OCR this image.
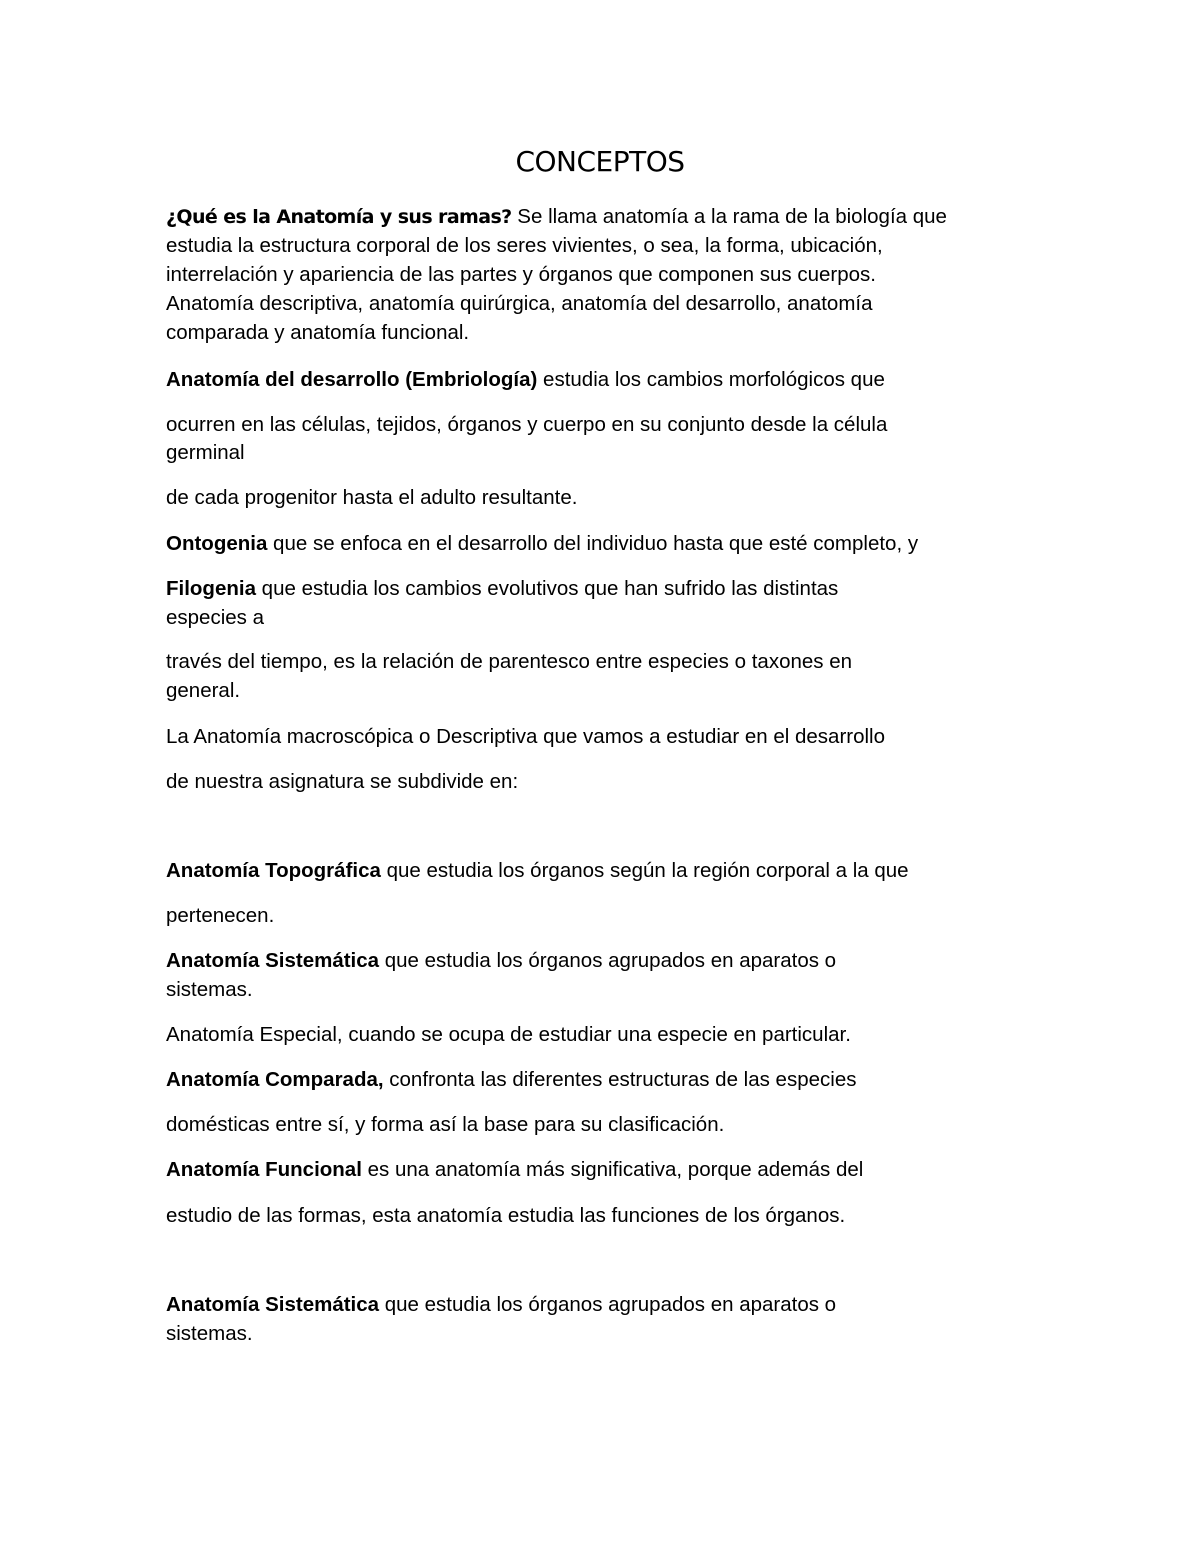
CONCEPTOS
¿Qué es la Anatomía y sus ramas? Se llama anatomía a la rama de la biología que
estudia la estructura corporal de los seres vivientes, o sea, la forma, ubicación,
interrelación y apariencia de las partes y órganos que componen sus cuerpos.
Anatomía descriptiva, anatomía quirúrgica, anatomía del desarrollo, anatomía
comparada y anatomía funcional.
Anatomía del desarrollo (Embriología) estudia los cambios morfológicos que
ocurren en las células, tejidos, órganos y cuerpo en su conjunto desde la célula
germinal
de cada progenitor hasta el adulto resultante.
Ontogenia que se enfoca en el desarrollo del individuo hasta que esté completo, y
Filogenia que estudia los cambios evolutivos que han sufrido las distintas
especies a
través del tiempo, es la relación de parentesco entre especies o taxones en
general.
La Anatomía macroscópica o Descriptiva que vamos a estudiar en el desarrollo
de nuestra asignatura se subdivide en:
Anatomía Topográfica que estudia los órganos según la región corporal a la que
pertenecen.
Anatomía Sistemática que estudia los órganos agrupados en aparatos o
sistemas.
Anatomía Especial, cuando se ocupa de estudiar una especie en particular.
Anatomía Comparada, confronta las diferentes estructuras de las especies
domésticas entre sí, y forma así la base para su clasificación.
Anatomía Funcional es una anatomía más significativa, porque además del
estudio de las formas, esta anatomía estudia las funciones de los órganos.
Anatomía Sistemática que estudia los órganos agrupados en aparatos o
sistemas.
